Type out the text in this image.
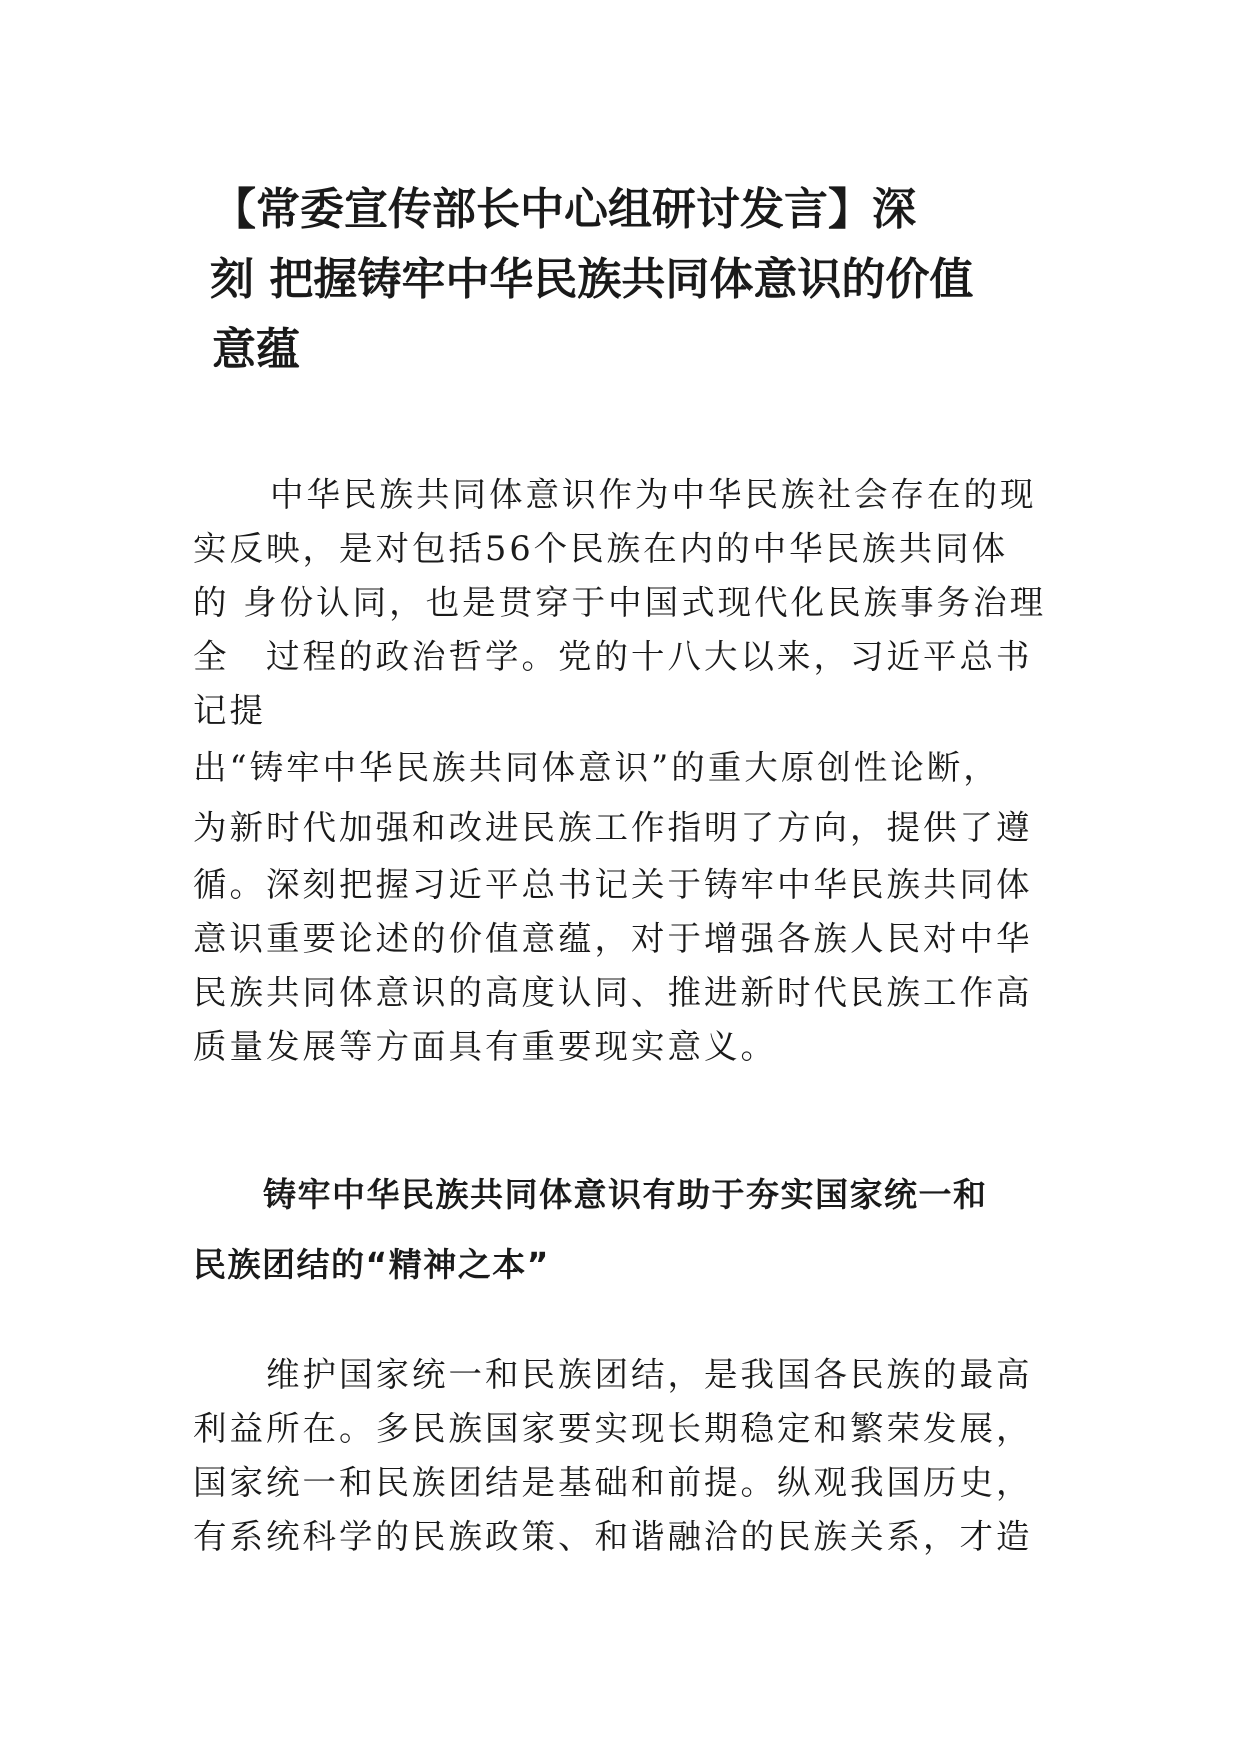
【常委宣传部长中心组研讨发言】深
刻 把握铸牢中华民族共同体意识的价值
意蕴
中华民族共同体意识作为中华民族社会存在的现
实反映，是对包括56个民族在内的中华民族共同体
的 身份认同，也是贯穿于中国式现代化民族事务治理
全　过程的政治哲学。党的十八大以来，习近平总书
记提
出“铸牢中华民族共同体意识”的重大原创性论断，
为新时代加强和改进民族工作指明了方向，提供了遵
循。深刻把握习近平总书记关于铸牢中华民族共同体
意识重要论述的价值意蕴，对于增强各族人民对中华
民族共同体意识的高度认同、推进新时代民族工作高
质量发展等方面具有重要现实意义。
铸牢中华民族共同体意识有助于夯实国家统一和
民族团结的“精神之本”
维护国家统一和民族团结，是我国各民族的最高
利益所在。多民族国家要实现长期稳定和繁荣发展，
国家统一和民族团结是基础和前提。纵观我国历史，
有系统科学的民族政策、和谐融洽的民族关系，才造
